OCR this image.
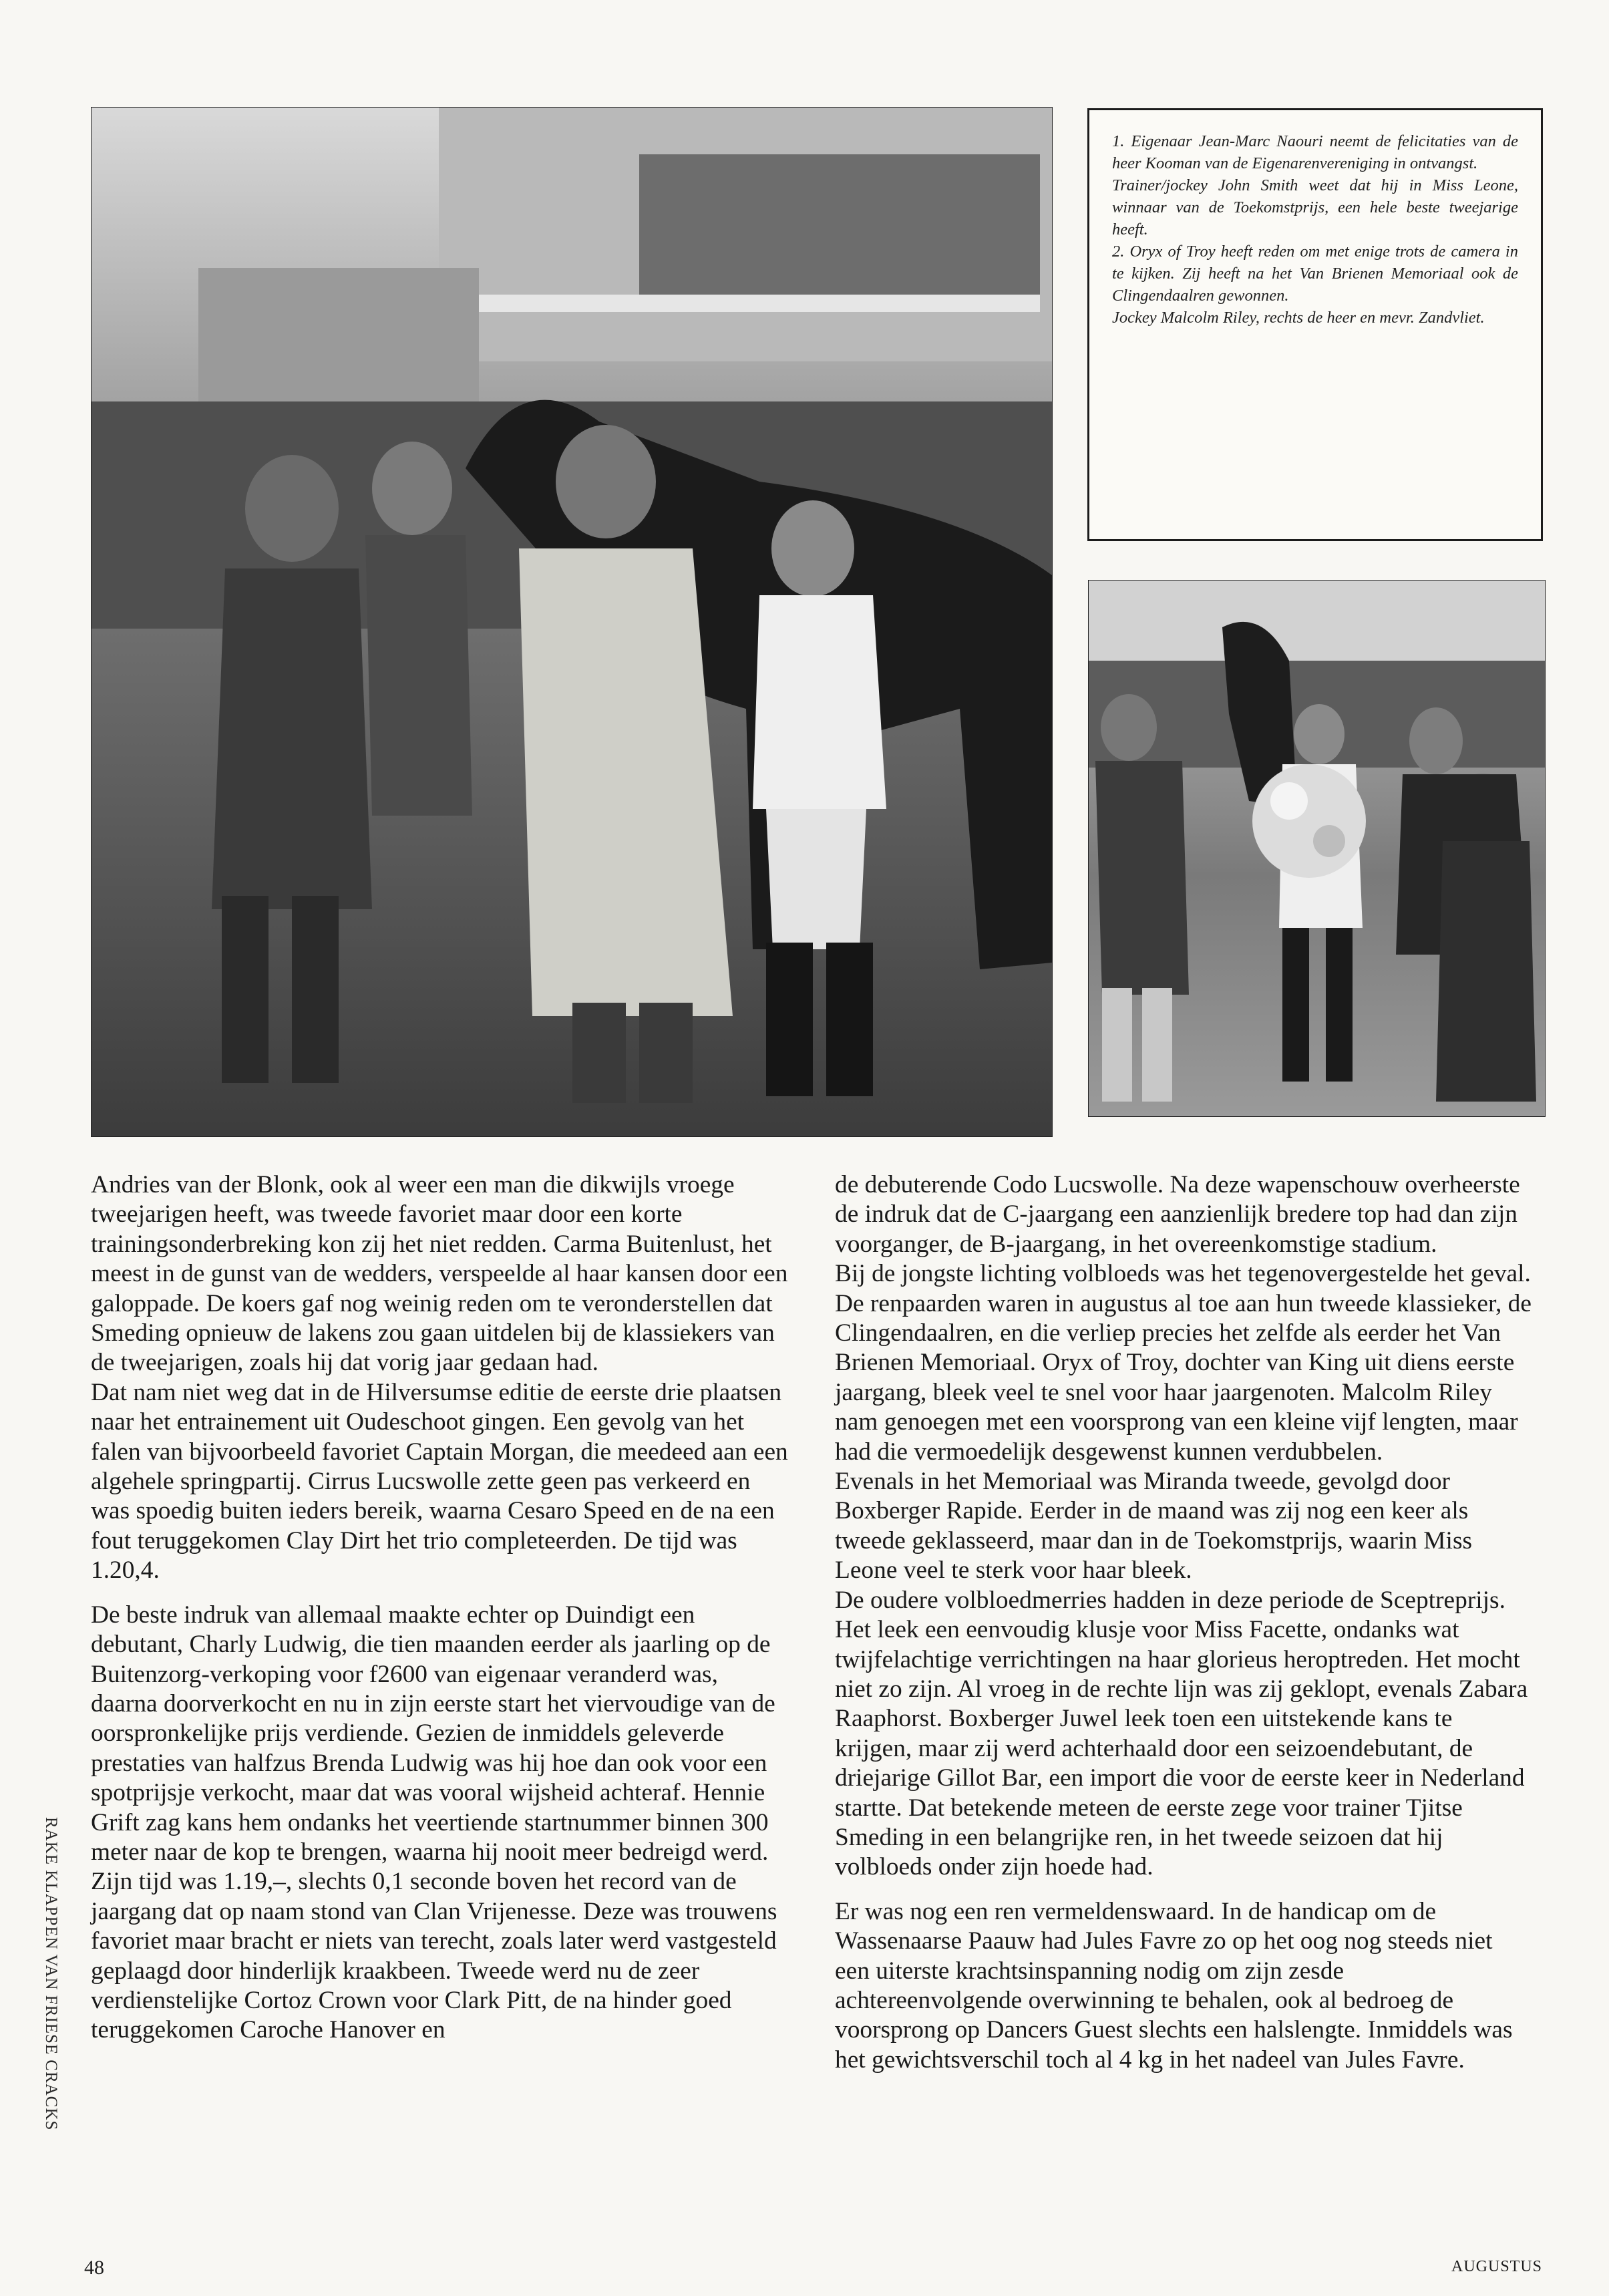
1. Eigenaar Jean-Marc Naouri neemt de felicitaties van de heer Kooman van de Eigenarenvereniging in ontvangst.

Trainer/jockey John Smith weet dat hij in Miss Leone, winnaar van de Toekomstprijs, een hele beste tweejarige heeft.

2. Oryx of Troy heeft reden om met enige trots de camera in te kijken. Zij heeft na het Van Brienen Memoriaal ook de Clingendaalren gewonnen.

Jockey Malcolm Riley, rechts de heer en mevr. Zandvliet.

Andries van der Blonk, ook al weer een man die dikwijls vroege tweejarigen heeft, was tweede favoriet maar door een korte trainingsonderbreking kon zij het niet redden. Carma Buitenlust, het meest in de gunst van de wedders, verspeelde al haar kansen door een galoppade. De koers gaf nog weinig reden om te veronderstellen dat Smeding opnieuw de lakens zou gaan uitdelen bij de klassiekers van de tweejarigen, zoals hij dat vorig jaar gedaan had.

Dat nam niet weg dat in de Hilversumse editie de eerste drie plaatsen naar het entrainement uit Oudeschoot gingen. Een gevolg van het falen van bijvoorbeeld favoriet Captain Morgan, die meedeed aan een algehele springpartij. Cirrus Lucswolle zette geen pas verkeerd en was spoedig buiten ieders bereik, waarna Cesaro Speed en de na een fout teruggekomen Clay Dirt het trio completeerden. De tijd was 1.20,4.

De beste indruk van allemaal maakte echter op Duindigt een debutant, Charly Ludwig, die tien maanden eerder als jaarling op de Buitenzorg-verkoping voor f2600 van eigenaar veranderd was, daarna doorverkocht en nu in zijn eerste start het viervoudige van de oorspronkelijke prijs verdiende. Gezien de inmiddels geleverde prestaties van halfzus Brenda Ludwig was hij hoe dan ook voor een spotprijsje verkocht, maar dat was vooral wijsheid achteraf. Hennie Grift zag kans hem ondanks het veertiende startnummer binnen 300 meter naar de kop te brengen, waarna hij nooit meer bedreigd werd. Zijn tijd was 1.19,–, slechts 0,1 seconde boven het record van de jaargang dat op naam stond van Clan Vrijenesse. Deze was trouwens favoriet maar bracht er niets van terecht, zoals later werd vastgesteld geplaagd door hinderlijk kraakbeen. Tweede werd nu de zeer verdienstelijke Cortoz Crown voor Clark Pitt, de na hinder goed teruggekomen Caroche Hanover en

de debuterende Codo Lucswolle. Na deze wapenschouw overheerste de indruk dat de C-jaargang een aanzienlijk bredere top had dan zijn voorganger, de B-jaargang, in het overeenkomstige stadium.

Bij de jongste lichting volbloeds was het tegenovergestelde het geval. De renpaarden waren in augustus al toe aan hun tweede klassieker, de Clingendaalren, en die verliep precies het zelfde als eerder het Van Brienen Memoriaal. Oryx of Troy, dochter van King uit diens eerste jaargang, bleek veel te snel voor haar jaargenoten. Malcolm Riley nam genoegen met een voorsprong van een kleine vijf lengten, maar had die vermoedelijk desgewenst kunnen verdubbelen.

Evenals in het Memoriaal was Miranda tweede, gevolgd door Boxberger Rapide. Eerder in de maand was zij nog een keer als tweede geklasseerd, maar dan in de Toekomstprijs, waarin Miss Leone veel te sterk voor haar bleek.

De oudere volbloedmerries hadden in deze periode de Sceptreprijs. Het leek een eenvoudig klusje voor Miss Facette, ondanks wat twijfelachtige verrichtingen na haar glorieus heroptreden. Het mocht niet zo zijn. Al vroeg in de rechte lijn was zij geklopt, evenals Zabara Raaphorst. Boxberger Juwel leek toen een uitstekende kans te krijgen, maar zij werd achterhaald door een seizoendebutant, de driejarige Gillot Bar, een import die voor de eerste keer in Nederland startte. Dat betekende meteen de eerste zege voor trainer Tjitse Smeding in een belangrijke ren, in het tweede seizoen dat hij volbloeds onder zijn hoede had.

Er was nog een ren vermeldenswaard. In de handicap om de Wassenaarse Paauw had Jules Favre zo op het oog nog steeds niet een uiterste krachtsinspanning nodig om zijn zesde achtereenvolgende overwinning te behalen, ook al bedroeg de voorsprong op Dancers Guest slechts een halslengte. Inmiddels was het gewichtsverschil toch al 4 kg in het nadeel van Jules Favre.

RAKE KLAPPEN VAN FRIESE CRACKS
48	AUGUSTUS
